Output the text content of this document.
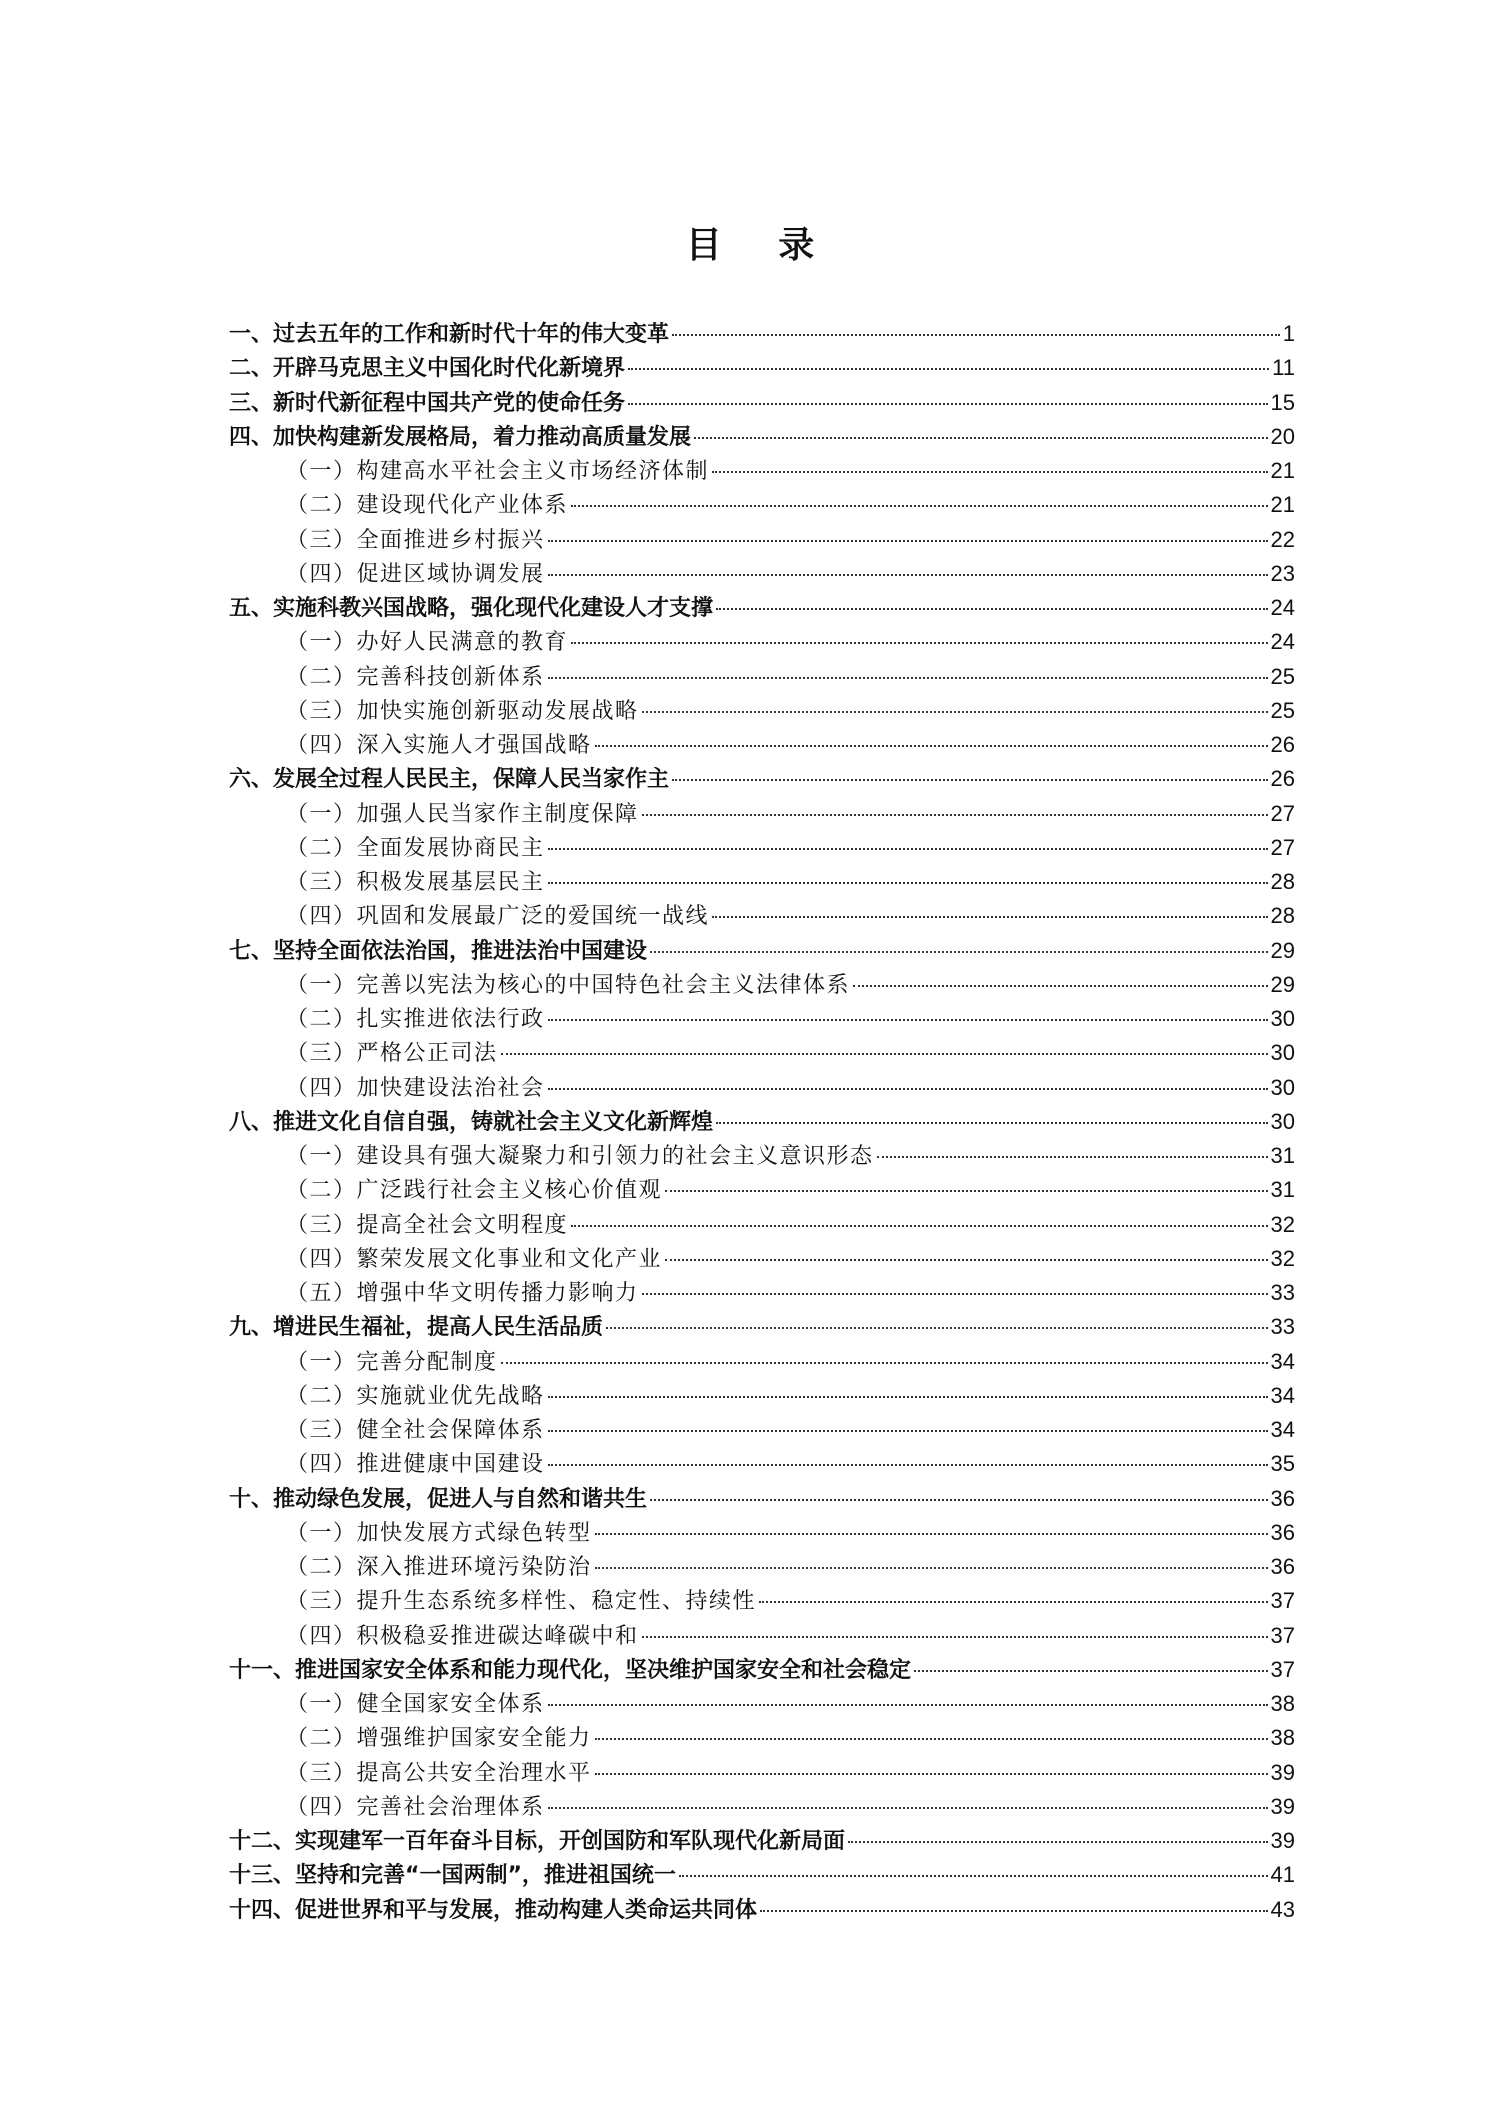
目 录
一、过去五年的工作和新时代十年的伟大变革	1
二、开辟马克思主义中国化时代化新境界	11
三、新时代新征程中国共产党的使命任务	15
四、加快构建新发展格局，着力推动高质量发展	20
（一）构建高水平社会主义市场经济体制	21
（二）建设现代化产业体系	21
（三）全面推进乡村振兴	22
（四）促进区域协调发展	23
五、实施科教兴国战略，强化现代化建设人才支撑	24
（一）办好人民满意的教育	24
（二）完善科技创新体系	25
（三）加快实施创新驱动发展战略	25
（四）深入实施人才强国战略	26
六、发展全过程人民民主，保障人民当家作主	26
（一）加强人民当家作主制度保障	27
（二）全面发展协商民主	27
（三）积极发展基层民主	28
（四）巩固和发展最广泛的爱国统一战线	28
七、坚持全面依法治国，推进法治中国建设	29
（一）完善以宪法为核心的中国特色社会主义法律体系	29
（二）扎实推进依法行政	30
（三）严格公正司法	30
（四）加快建设法治社会	30
八、推进文化自信自强，铸就社会主义文化新辉煌	30
（一）建设具有强大凝聚力和引领力的社会主义意识形态	31
（二）广泛践行社会主义核心价值观	31
（三）提高全社会文明程度	32
（四）繁荣发展文化事业和文化产业	32
（五）增强中华文明传播力影响力	33
九、增进民生福祉，提高人民生活品质	33
（一）完善分配制度	34
（二）实施就业优先战略	34
（三）健全社会保障体系	34
（四）推进健康中国建设	35
十、推动绿色发展，促进人与自然和谐共生	36
（一）加快发展方式绿色转型	36
（二）深入推进环境污染防治	36
（三）提升生态系统多样性、稳定性、持续性	37
（四）积极稳妥推进碳达峰碳中和	37
十一、推进国家安全体系和能力现代化，坚决维护国家安全和社会稳定	37
（一）健全国家安全体系	38
（二）增强维护国家安全能力	38
（三）提高公共安全治理水平	39
（四）完善社会治理体系	39
十二、实现建军一百年奋斗目标，开创国防和军队现代化新局面	39
十三、坚持和完善“一国两制”，推进祖国统一	41
十四、促进世界和平与发展，推动构建人类命运共同体	43
